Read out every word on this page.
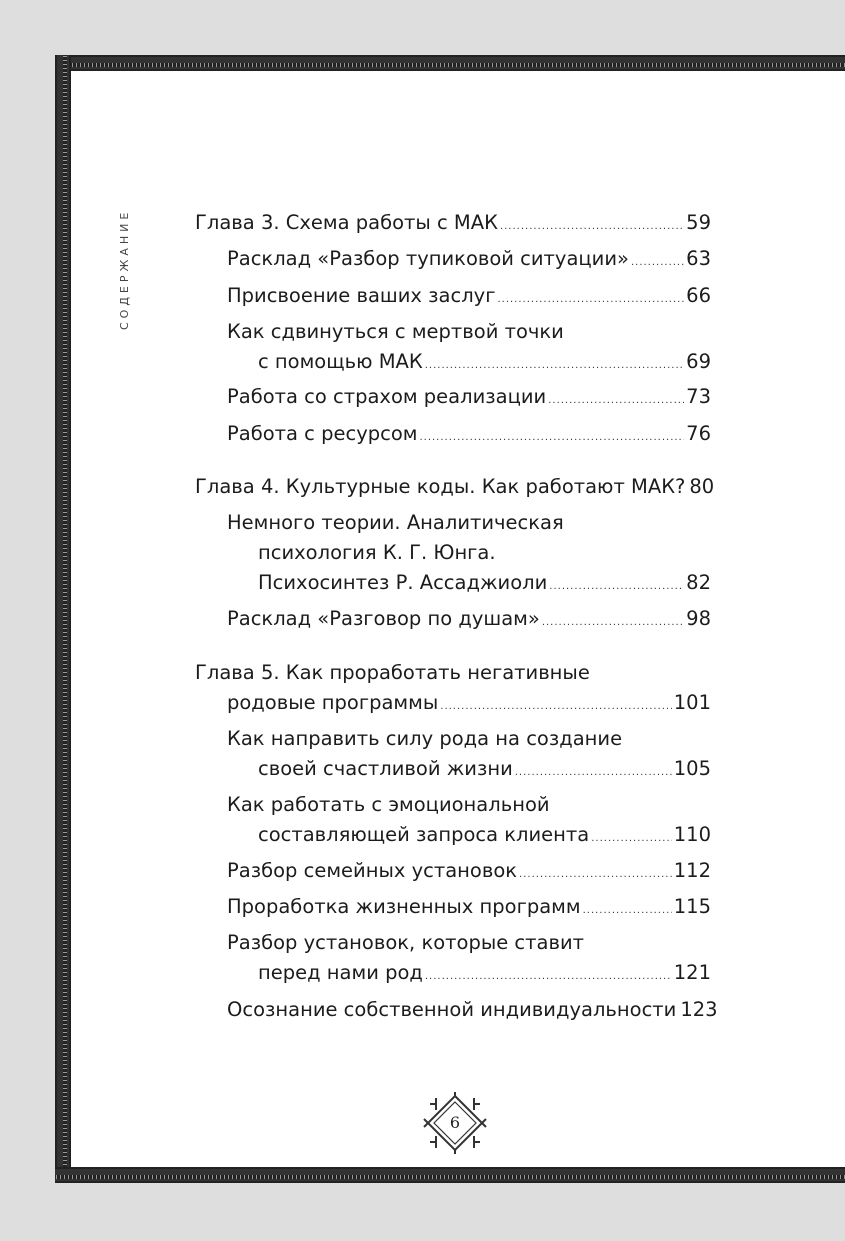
СОДЕРЖАНИЕ	Глава 3. Схема работы с МАК .....	59
Расклад «Разбор тупиковой ситуации» .....	63
Присвоение ваших заслуг .....	66
Как сдвинуться с мертвой точки
с помощью МАК .....	69
Работа со страхом реализации .....	73
Работа с ресурсом .....	76
Глава 4. Культурные коды. Как работают МАК? 80
Немного теории. Аналитическая
психология К. Г. Юнга.
Психосинтез Р. Ассаджиоли .....	82
Расклад «Разговор по душам» .....	98
Глава 5. Как проработать негативные
родовые программы .....	101
Как направить силу рода на создание
своей счастливой жизни .....	105
Как работать с эмоциональной
составляющей запроса клиента .....	110
Разбор семейных установок .....	112
Проработка жизненных программ .....	115
Разбор установок, которые ставит
перед нами род .....	121
Осознание собственной индивидуальности 123
6
